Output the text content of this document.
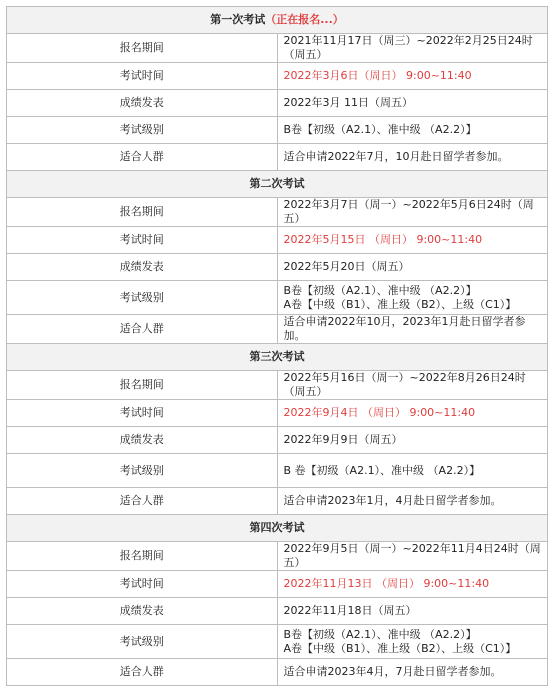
第一次考试（正在报名...）	
报名期间	2021年11月17日（周三）~2022年2月25日24时（周五）
考试时间	2022年3月6日（周日） 9:00~11:40
成绩发表	2022年3月 11日（周五）
考试级别	B卷【初级（A2.1）、准中级 （A2.2）】
适合人群	适合申请2022年7月，10月赴日留学者参加。
第二次考试	
报名期间	2022年3月7日（周一）~2022年5月6日24时（周五）
考试时间	2022年5月15日 （周日） 9:00~11:40
成绩发表	2022年5月20日（周五）
考试级别	B卷【初级（A2.1）、准中级 （A2.2）】
A卷【中级（B1）、准上级（B2）、上级（C1）】

适合人群	适合申请2022年10月，2023年1月赴日留学者参加。
第三次考试	
报名期间	2022年5月16日（周一）~2022年8月26日24时（周五）
考试时间	2022年9月4日 （周日） 9:00~11:40
成绩发表	2022年9月9日（周五）
考试级别	B 卷【初级（A2.1）、准中级 （A2.2）】
适合人群	适合申请2023年1月，4月赴日留学者参加。
第四次考试	
报名期间	2022年9月5日（周一）~2022年11月4日24时（周五）
考试时间	2022年11月13日 （周日） 9:00~11:40
成绩发表	2022年11月18日（周五）
考试级别	B卷【初级（A2.1）、准中级 （A2.2）】
A卷【中级（B1）、准上级（B2）、上级（C1）】

适合人群	适合申请2023年4月，7月赴日留学者参加。
